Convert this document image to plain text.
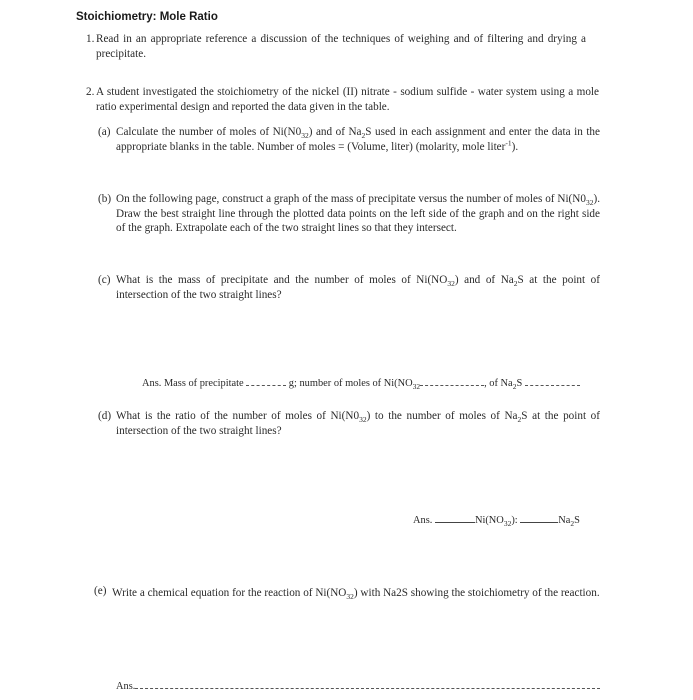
Stoichiometry: Mole Ratio
1. Read in an appropriate reference a discussion of the techniques of weighing and of filtering and drying a precipitate.
2. A student investigated the stoichiometry of the nickel (II) nitrate - sodium sulfide - water system using a mole ratio experimental design and reported the data given in the table.
(a) Calculate the number of moles of $Ni(N0_{32})$ and of $Na_2S$ used in each assignment and enter the data in the appropriate blanks in the table. Number of moles = (Volume, liter) (molarity, mole liter$^{-1}$).
(b) On the following page, construct a graph of the mass of precipitate versus the number of moles of $Ni(N0_{32})$. Draw the best straight line through the plotted data points on the left side of the graph and on the right side of the graph. Extrapolate each of the two straight lines so that they intersect.
(c) What is the mass of precipitate and the number of moles of $Ni(NO_{32})$ and of $Na_2S$ at the point of intersection of the two straight lines?
Ans. Mass of precipitate	g; number of moles of $Ni(NO_{32}$	, of $Na_2S$
(d) What is the ratio of the number of moles of $Ni(N0_{32})$ to the number of moles of $Na_2S$ at the point of intersection of the two straight lines?
Ans.	$Ni(NO_{32})$:	$Na_2S$
(e) Write a chemical equation for the reaction of $Ni(NO_{32})$ with Na2S showing the stoichiometry of the reaction.
Ans.
